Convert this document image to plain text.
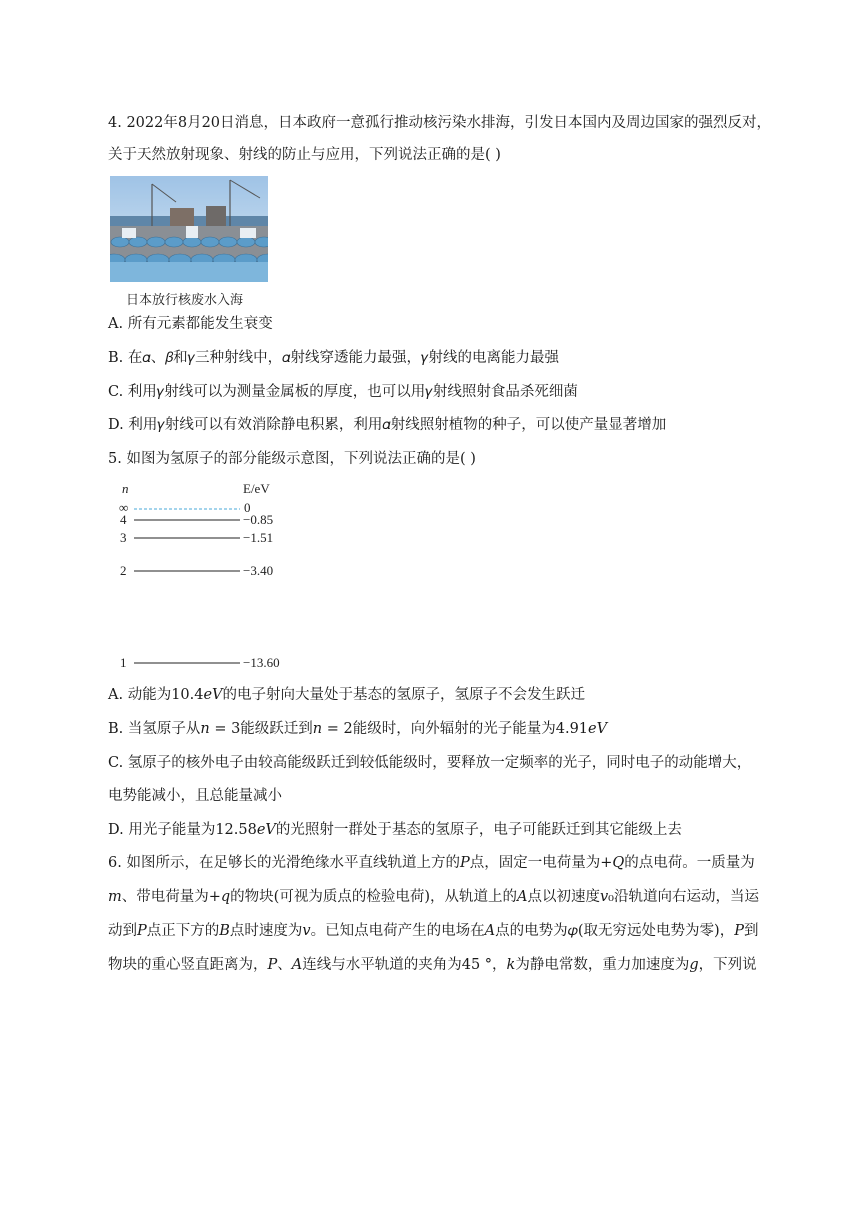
4. 2022年8月20日消息，日本政府一意孤行推动核污染水排海，引发日本国内及周边国家的强烈反对，
关于天然放射现象、射线的防止与应用，下列说法正确的是( )
日本放行核废水入海
A. 所有元素都能发生衰变
B. 在𝛼、𝛽和𝛾三种射线中，𝛼射线穿透能力最强，𝛾射线的电离能力最强
C. 利用𝛾射线可以为测量金属板的厚度，也可以用𝛾射线照射食品杀死细菌
D. 利用𝛾射线可以有效消除静电积累，利用𝛼射线照射植物的种子，可以使产量显著增加
5. 如图为氢原子的部分能级示意图，下列说法正确的是( )
n	E/eV
∞	0
4	−0.85
3	−1.51
2	−3.40
1	−13.60
A. 动能为10.4𝑒𝑉的电子射向大量处于基态的氢原子，氢原子不会发生跃迁
B. 当氢原子从𝑛 = 3能级跃迁到𝑛 = 2能级时，向外辐射的光子能量为4.91𝑒𝑉
C. 氢原子的核外电子由较高能级跃迁到较低能级时，要释放一定频率的光子，同时电子的动能增大，
电势能减小，且总能量减小
D. 用光子能量为12.58𝑒𝑉的光照射一群处于基态的氢原子，电子可能跃迁到其它能级上去
6. 如图所示，在足够长的光滑绝缘水平直线轨道上方的𝑃点，固定一电荷量为+𝑄的点电荷。一质量为
𝑚、带电荷量为+𝑞的物块(可视为质点的检验电荷)，从轨道上的𝐴点以初速度𝑣₀沿轨道向右运动，当运
动到𝑃点正下方的𝐵点时速度为𝑣。已知点电荷产生的电场在𝐴点的电势为𝜑(取无穷远处电势为零)，𝑃到
物块的重心竖直距离为，𝑃、𝐴连线与水平轨道的夹角为45 °，𝑘为静电常数，重力加速度为𝑔，下列说
